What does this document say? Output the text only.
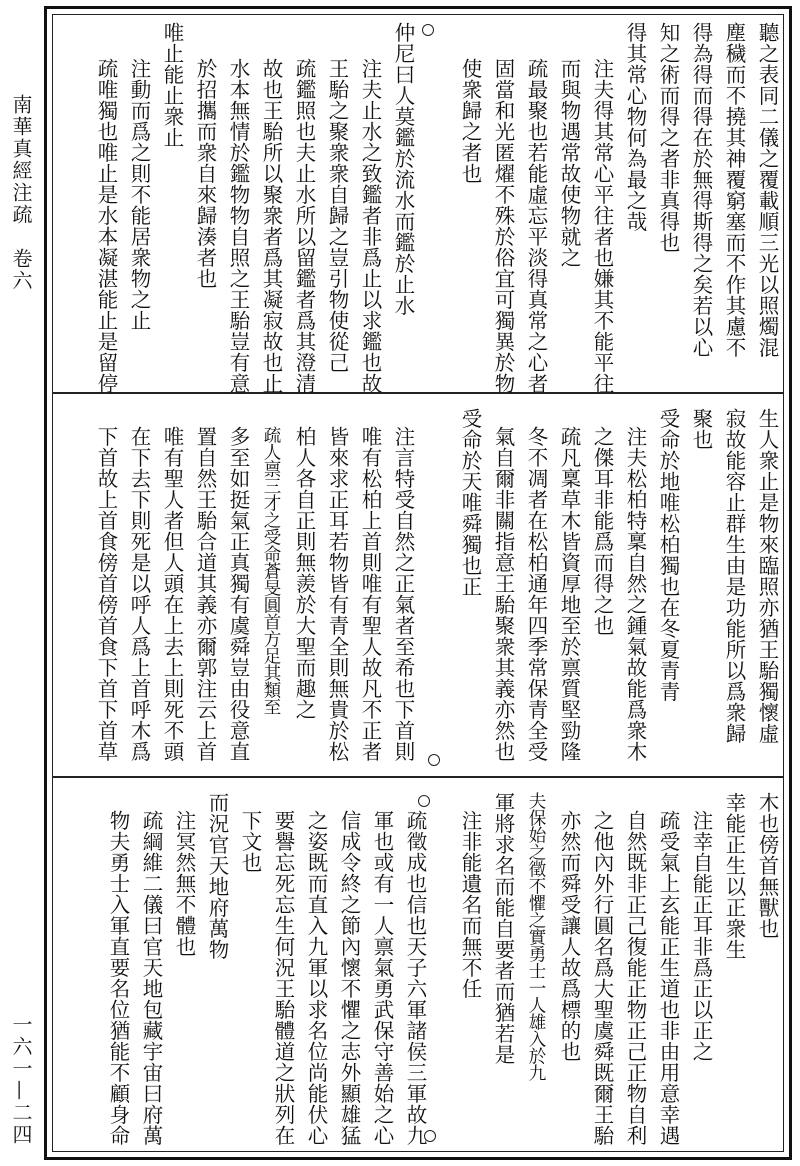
南華真經注疏　卷六
一六一—二四
聽之表同二儀之覆載順三光以照燭混
塵穢而不撓其神覆窮塞而不作其慮不
得為得而得在於無得斯得之矣若以心
知之術而得之者非真得也
得其常心物何為最之哉
注夫得其常心平往者也嫌其不能平往
而與物遇常故使物就之
疏最聚也若能虛忘平淡得真常之心者
固當和光匿燿不殊於俗宜可獨異於物
使衆歸之者也
仲尼曰人莫鑑於流水而鑑於止水
注夫止水之致鑑者非爲止以求鑑也故
王駘之聚衆衆自歸之豈引物使從己
疏鑑照也夫止水所以留鑑者爲其澄清
故也王駘所以聚衆者爲其凝寂故也止
水本無情於鑑物物自照之王駘豈有意
於招攜而衆自來歸湊者也
唯止能止衆止
注動而爲之則不能居衆物之止
疏唯獨也唯止是水本凝湛能止是留停
生人衆止是物來臨照亦猶王駘獨懷虛
寂故能容止群生由是功能所以爲衆歸
聚也
受命於地唯松柏獨也在冬夏青青
注夫松柏特稟自然之鍾氣故能爲衆木
之傑耳非能爲而得之也
疏凡稟草木皆資厚地至於禀質堅勁隆
冬不凋者在松柏通年四季常保青全受
氣自爾非關指意王駘聚衆其義亦然也
受命於天唯舜獨也正
注言特受自然之正氣者至希也下首則
唯有松柏上首則唯有聖人故凡不正者
皆來求正耳若物皆有青全則無貴於松
柏人各自正則無羨於大聖而趣之
疏人禀三才之受命蒼旻圓首方足其類至
多至如挺氣正真獨有虞舜豈由役意直
置自然王駘合道其義亦爾郭注云上首
唯有聖人者但人頭在上去上則死不頭
在下去下則死是以呼人爲上首呼木爲
下首故上首食傍首傍首食下首下首草
木也傍首無獸也
幸能正生以正衆生
注幸自能正耳非爲正以正之
疏受氣上玄能正生道也非由用意幸遇
自然既非正己復能正物正己正物自利
之他內外行圓名爲大聖虞舜既爾王駘
亦然而舜受讓人故爲標的也
夫保始之徵不懼之實勇士一人雄入於九
軍將求名而能自要者而猶若是
注非能遺名而無不任
疏徵成也信也天子六軍諸侯三軍故九
軍也或有一人禀氣勇武保守善始之心
信成令終之節內懷不懼之志外顯雄猛
之姿既而直入九軍以求名位尚能伏心
要譽忘死忘生何況王駘體道之狀列在
下文也
而況官天地府萬物
注冥然無不體也
疏綱維二儀曰官天地包藏宇宙曰府萬
物夫勇士入軍直要名位猶能不顧身命
